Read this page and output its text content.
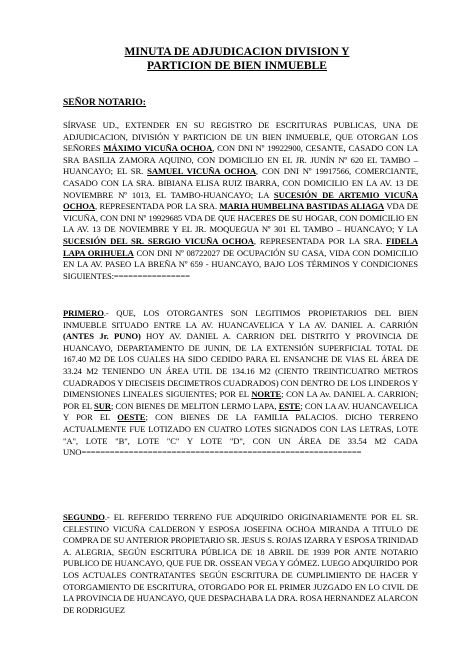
MINUTA DE ADJUDICACION DIVISION Y
PARTICION DE BIEN INMUEBLE
SEÑOR NOTARIO:
SÍRVASE UD., EXTENDER EN SU REGISTRO DE ESCRITURAS PUBLICAS, UNA DE ADJUDICACION, DIVISIÓN Y PARTICION DE UN BIEN INMUEBLE, QUE OTORGAN LOS SEÑORES MÁXIMO VICUÑA OCHOA, CON DNI Nº 19922900, CESANTE, CASADO CON LA SRA BASILIA ZAMORA AQUINO, CON DOMICILIO EN EL JR. JUNÍN Nº 620 EL TAMBO – HUANCAYO; EL SR. SAMUEL VICUÑA OCHOA, CON DNI Nº 19917566, COMERCIANTE, CASADO CON LA SRA. BIBIANA ELISA RUIZ IBARRA, CON DOMICILIO EN LA AV. 13 DE NOVIEMBRE Nº 1013, EL TAMBO-HUANCAYO; LA SUCESIÓN DE ARTEMIO VICUÑA OCHOA, REPRESENTADA POR LA SRA. MARIA HUMBELINA BASTIDAS ALIAGA VDA DE VICUÑA, CON DNI Nº 19929685 VDA DE QUE HACERES DE SU HOGAR, CON DOMICILIO EN LA AV. 13 DE NOVIEMBRE Y EL JR. MOQUEGUA Nº 301 EL TAMBO – HUANCAYO; Y LA SUCESIÓN DEL SR. SERGIO VICUÑA OCHOA, REPRESENTADA POR LA SRA. FIDELA LAPA ORIHUELA CON DNI Nº 08722027 DE OCUPACIÓN SU CASA, VIDA CON DOMICILIO EN LA AV. PASEO LA BREÑA Nº 659 - HUANCAYO, BAJO LOS TÉRMINOS Y CONDICIONES SIGUIENTES:================
PRIMERO.- QUE, LOS OTORGANTES SON LEGITIMOS PROPIETARIOS DEL BIEN INMUEBLE SITUADO ENTRE LA AV. HUANCAVELICA Y LA AV. DANIEL A. CARRIÓN (ANTES Jr. PUNO) HOY AV. DANIEL A. CARRION DEL DISTRITO Y PROVINCIA DE HUANCAYO, DEPARTAMENTO DE JUNIN, DE LA EXTENSIÓN SUPERFICIAL TOTAL DE 167.40 M2 DE LOS CUALES HA SIDO CEDIDO PARA EL ENSANCHE DE VIAS EL ÁREA DE 33.24 M2 TENIENDO UN ÁREA UTIL DE 134.16 M2 (CIENTO TREINTICUATRO METROS CUADRADOS Y DIECISEIS DECIMETROS CUADRADOS) CON DENTRO DE LOS LINDEROS Y DIMENSIONES LINEALES SIGUIENTES; POR EL NORTE; CON LA Av. DANIEL A. CARRION; POR EL SUR; CON BIENES DE MELITON LERMO LAPA, ESTE; CON LA AV. HUANCAVELICA Y POR EL OESTE; CON BIENES DE LA FAMILIA PALACIOS. DICHO TERRENO ACTUALMENTE FUE LOTIZADO EN CUATRO LOTES SIGNADOS CON LAS LETRAS, LOTE "A", LOTE "B", LOTE "C" Y LOTE "D", CON UN ÁREA DE 33.54 M2 CADA UNO===========================================================
SEGUNDO.- EL REFERIDO TERRENO FUE ADQUIRIDO ORIGINARIAMENTE POR EL SR. CELESTINO VICUÑA CALDERON Y ESPOSA JOSEFINA OCHOA MIRANDA A TITULO DE COMPRA DE SU ANTERIOR PROPIETARIO SR. JESUS S. ROJAS IZARRA Y ESPOSA TRINIDAD A. ALEGRIA, SEGÚN ESCRITURA PÚBLICA DE 18 ABRIL DE 1939 POR ANTE NOTARIO PUBLICO DE HUANCAYO, QUE FUE DR. OSSEAN VEGA Y GÓMEZ. LUEGO ADQUIRIDO POR LOS ACTUALES CONTRATANTES SEGÚN ESCRITURA DE CUMPLIMIENTO DE HACER Y OTORGAMIENTO DE ESCRITURA, OTORGADO POR EL PRIMER JUZGADO EN LO CIVIL DE LA PROVINCIA DE HUANCAYO, QUE DESPACHABA LA DRA. ROSA HERNANDEZ ALARCON DE RODRIGUEZ
